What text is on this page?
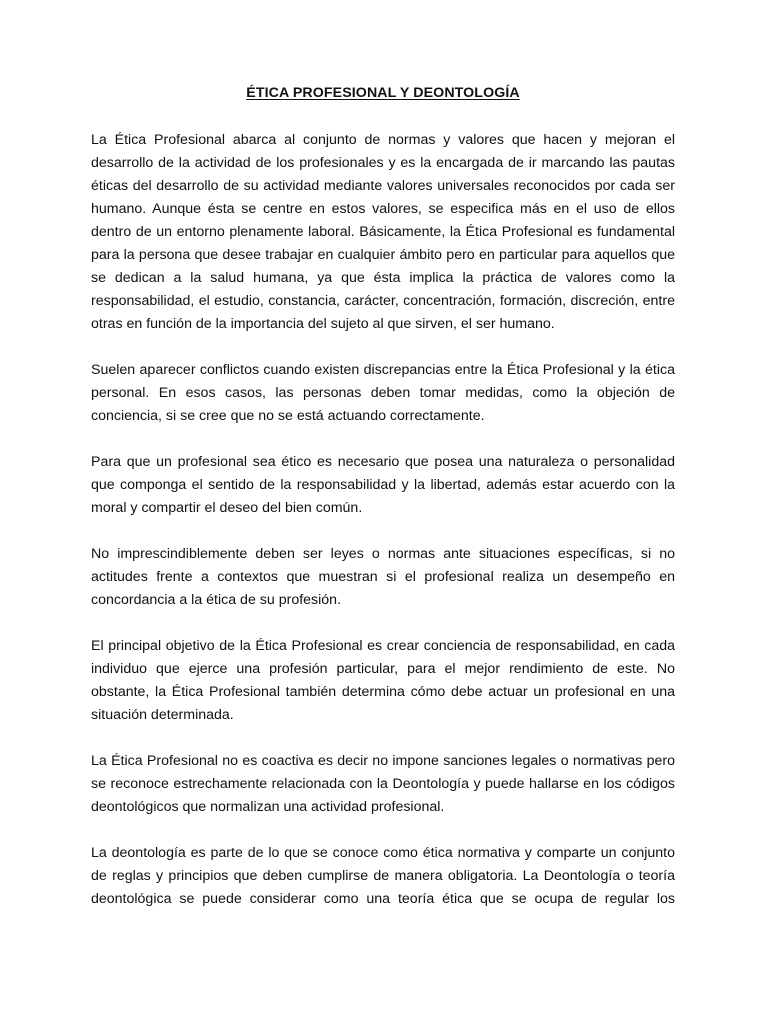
ÉTICA PROFESIONAL Y DEONTOLOGÍA

La Ética Profesional abarca al conjunto de normas y valores que hacen y mejoran el desarrollo de la actividad de los profesionales y es la encargada de ir marcando las pautas éticas del desarrollo de su actividad mediante valores universales reconocidos por cada ser humano. Aunque ésta se centre en estos valores, se especifica más en el uso de ellos dentro de un entorno plenamente laboral. Básicamente, la Ética Profesional es fundamental para la persona que desee trabajar en cualquier ámbito pero en particular para aquellos que se dedican a la salud humana, ya que ésta implica la práctica de valores como la responsabilidad, el estudio, constancia, carácter, concentración, formación, discreción, entre otras en función de la importancia del sujeto al que sirven, el ser humano.

Suelen aparecer conflictos cuando existen discrepancias entre la Ética Profesional y la ética personal. En esos casos, las personas deben tomar medidas, como la objeción de conciencia, si se cree que no se está actuando correctamente.

Para que un profesional sea ético es necesario que posea una naturaleza o personalidad que componga el sentido de la responsabilidad y la libertad, además estar acuerdo con la moral y compartir el deseo del bien común.

No imprescindiblemente deben ser leyes o normas ante situaciones específicas, si no actitudes frente a contextos que muestran si el profesional realiza un desempeño en concordancia a la ética de su profesión.

El principal objetivo de la Ética Profesional es crear conciencia de responsabilidad, en cada individuo que ejerce una profesión particular, para el mejor rendimiento de este. No obstante, la Ética Profesional también determina cómo debe actuar un profesional en una situación determinada.

La Ética Profesional no es coactiva es decir no impone sanciones legales o normativas pero se reconoce estrechamente relacionada con la Deontología y puede hallarse en los códigos deontológicos que normalizan una actividad profesional.

La deontología es parte de lo que se conoce como ética normativa y comparte un conjunto de reglas y principios que deben cumplirse de manera obligatoria. La Deontología o teoría deontológica se puede considerar como una teoría ética que se ocupa de regular los
